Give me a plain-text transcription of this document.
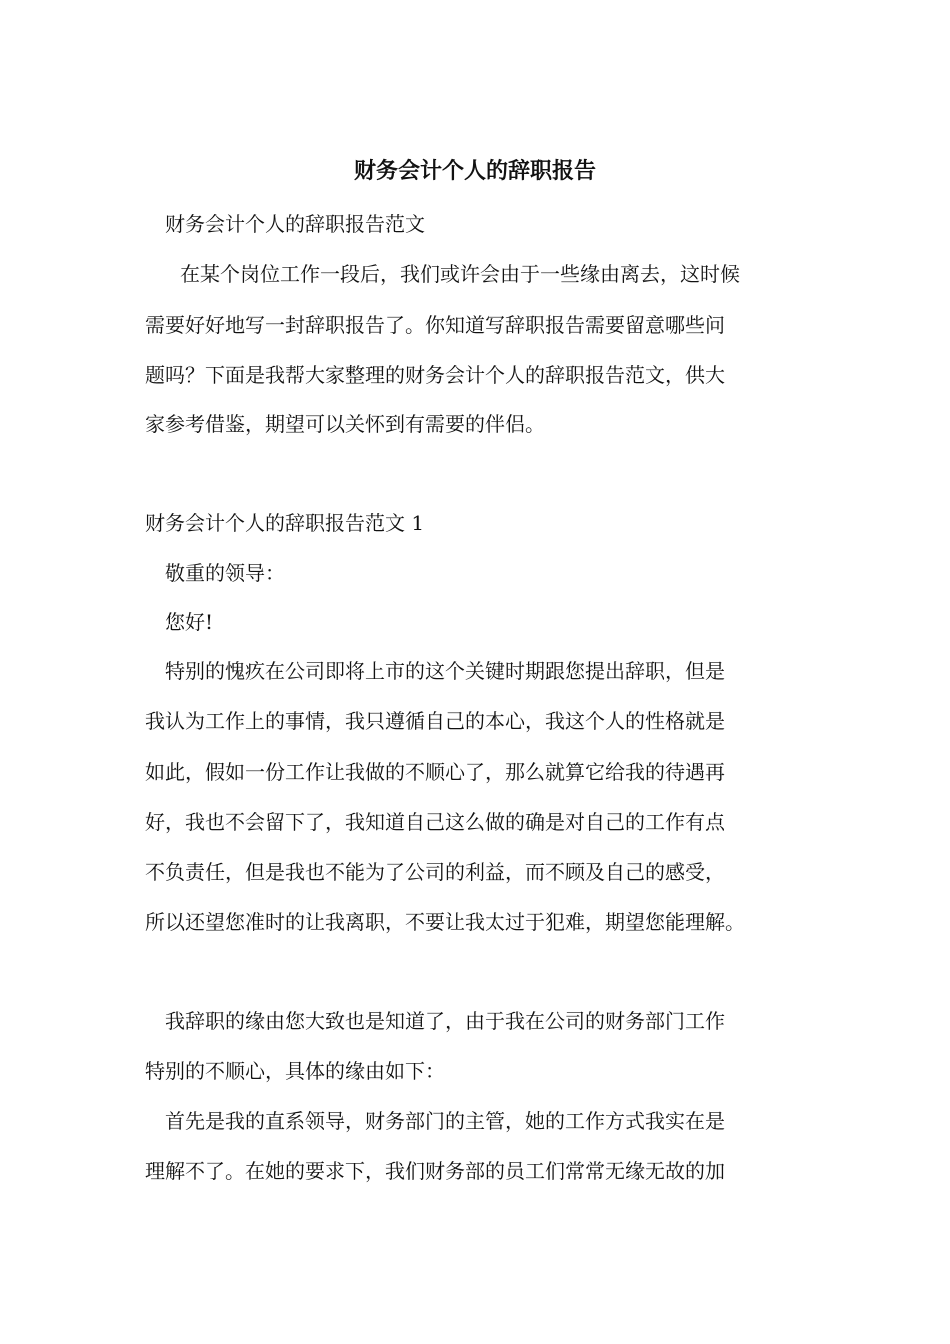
财务会计个人的辞职报告
财务会计个人的辞职报告范文
在某个岗位工作一段后，我们或许会由于一些缘由离去，这时候
需要好好地写一封辞职报告了。你知道写辞职报告需要留意哪些问
题吗？下面是我帮大家整理的财务会计个人的辞职报告范文，供大
家参考借鉴，期望可以关怀到有需要的伴侣。
财务会计个人的辞职报告范文 1
敬重的领导：
您好!
特别的愧疚在公司即将上市的这个关键时期跟您提出辞职，但是
我认为工作上的事情，我只遵循自己的本心，我这个人的性格就是
如此，假如一份工作让我做的不顺心了，那么就算它给我的待遇再
好，我也不会留下了，我知道自己这么做的确是对自己的工作有点
不负责任，但是我也不能为了公司的利益，而不顾及自己的感受，
所以还望您准时的让我离职，不要让我太过于犯难，期望您能理解。
我辞职的缘由您大致也是知道了，由于我在公司的财务部门工作
特别的不顺心，具体的缘由如下：
首先是我的直系领导，财务部门的主管，她的工作方式我实在是
理解不了。在她的要求下，我们财务部的员工们常常无缘无故的加
